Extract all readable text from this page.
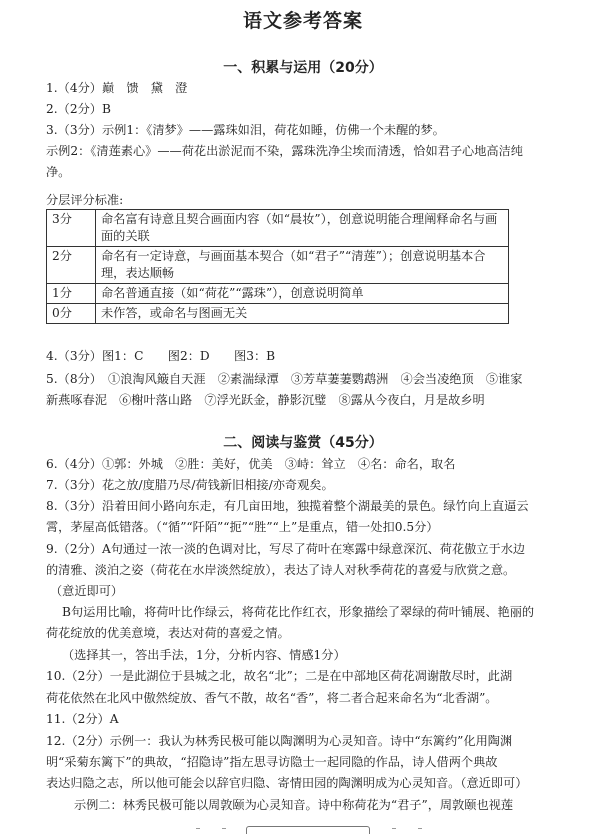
语文参考答案
一、积累与运用（20分）
1.（4分）巅　馈　黛　澄
2.（2分）B
3.（3分）示例1：《清梦》——露珠如泪，荷花如睡，仿佛一个未醒的梦。
示例2：《清莲素心》——荷花出淤泥而不染，露珠洗净尘埃而清透，恰如君子心地高洁纯
净。
分层评分标准:
3分	命名富有诗意且契合画面内容（如“晨妆”），创意说明能合理阐释命名与画面的关联
2分	命名有一定诗意，与画面基本契合（如“君子”“清莲”）；创意说明基本合理，表达顺畅
1分	命名普通直接（如“荷花”“露珠”），创意说明简单
0分	未作答，或命名与图画无关
4.（3分）图1：C　　图2：D　　图3：B
5.（8分）　①浪淘风簸自天涯　②素湍绿潭　③芳草萋萋鹦鹉洲　④会当凌绝顶　⑤谁家
新燕啄春泥　⑥榭叶落山路　⑦浮光跃金，静影沉璧　⑧露从今夜白，月是故乡明
二、阅读与鉴赏（45分）
6.（4分）①郭：外城　②胜：美好，优美　③峙：耸立　④名：命名，取名
7.（3分）花之放/度腊乃尽/荷钱新旧相接/亦奇观矣。
8.（3分）沿着田间小路向东走，有几亩田地，独揽着整个湖最美的景色。绿竹向上直逼云
霄，茅屋高低错落。（“循”“阡陌”“扼”“胜”“上”是重点，错一处扣0.5分）
9.（2分）A句通过一浓一淡的色调对比，写尽了荷叶在寒露中绿意深沉、荷花傲立于水边
的清雅、淡泊之姿（荷花在水岸淡然绽放），表达了诗人对秋季荷花的喜爱与欣赏之意。
（意近即可）
B句运用比喻，将荷叶比作绿云，将荷花比作红衣，形象描绘了翠绿的荷叶铺展、艳丽的
荷花绽放的优美意境，表达对荷的喜爱之情。
（选择其一，答出手法，1分，分析内容、情感1分）
10.（2分）一是此湖位于县城之北，故名“北”；二是在中部地区荷花凋谢散尽时，此湖
荷花依然在北风中傲然绽放、香气不散，故名“香”，将二者合起来命名为“北香湖”。
11.（2分）A
12.（2分）示例一：我认为林秀民极可能以陶渊明为心灵知音。诗中“东篱约”化用陶渊
明“采菊东篱下”的典故，“招隐诗”指左思寻访隐士一起同隐的作品，诗人借两个典故
表达归隐之志，所以他可能会以辞官归隐、寄情田园的陶渊明成为心灵知音。（意近即可）
示例二：林秀民极可能以周敦颐为心灵知音。诗中称荷花为“君子”，周敦颐也视莲
